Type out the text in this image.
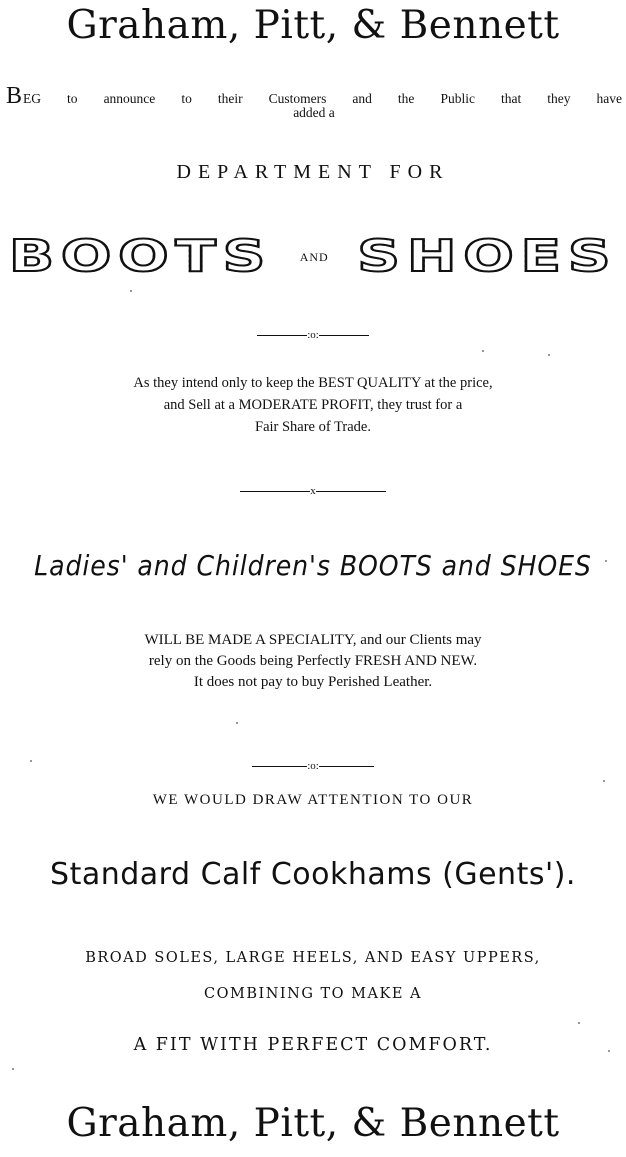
Graham, Pitt, & Bennett
B EG to announce to their Customers and the Public that they have
added a
DEPARTMENT FOR
BOOTS AND SHOES
:o:
As they intend only to keep the BEST QUALITY at the price,
and Sell at a MODERATE PROFIT, they trust for a
Fair Share of Trade.
x
Ladies' and Children's BOOTS and SHOES
WILL BE MADE A SPECIALITY, and our Clients may
rely on the Goods being Perfectly FRESH AND NEW.
It does not pay to buy Perished Leather.
:o:
WE WOULD DRAW ATTENTION TO OUR
Standard Calf Cookhams (Gents').
BROAD SOLES, LARGE HEELS, AND EASY UPPERS,
COMBINING TO MAKE A
A FIT WITH PERFECT COMFORT.
Graham, Pitt, & Bennett
